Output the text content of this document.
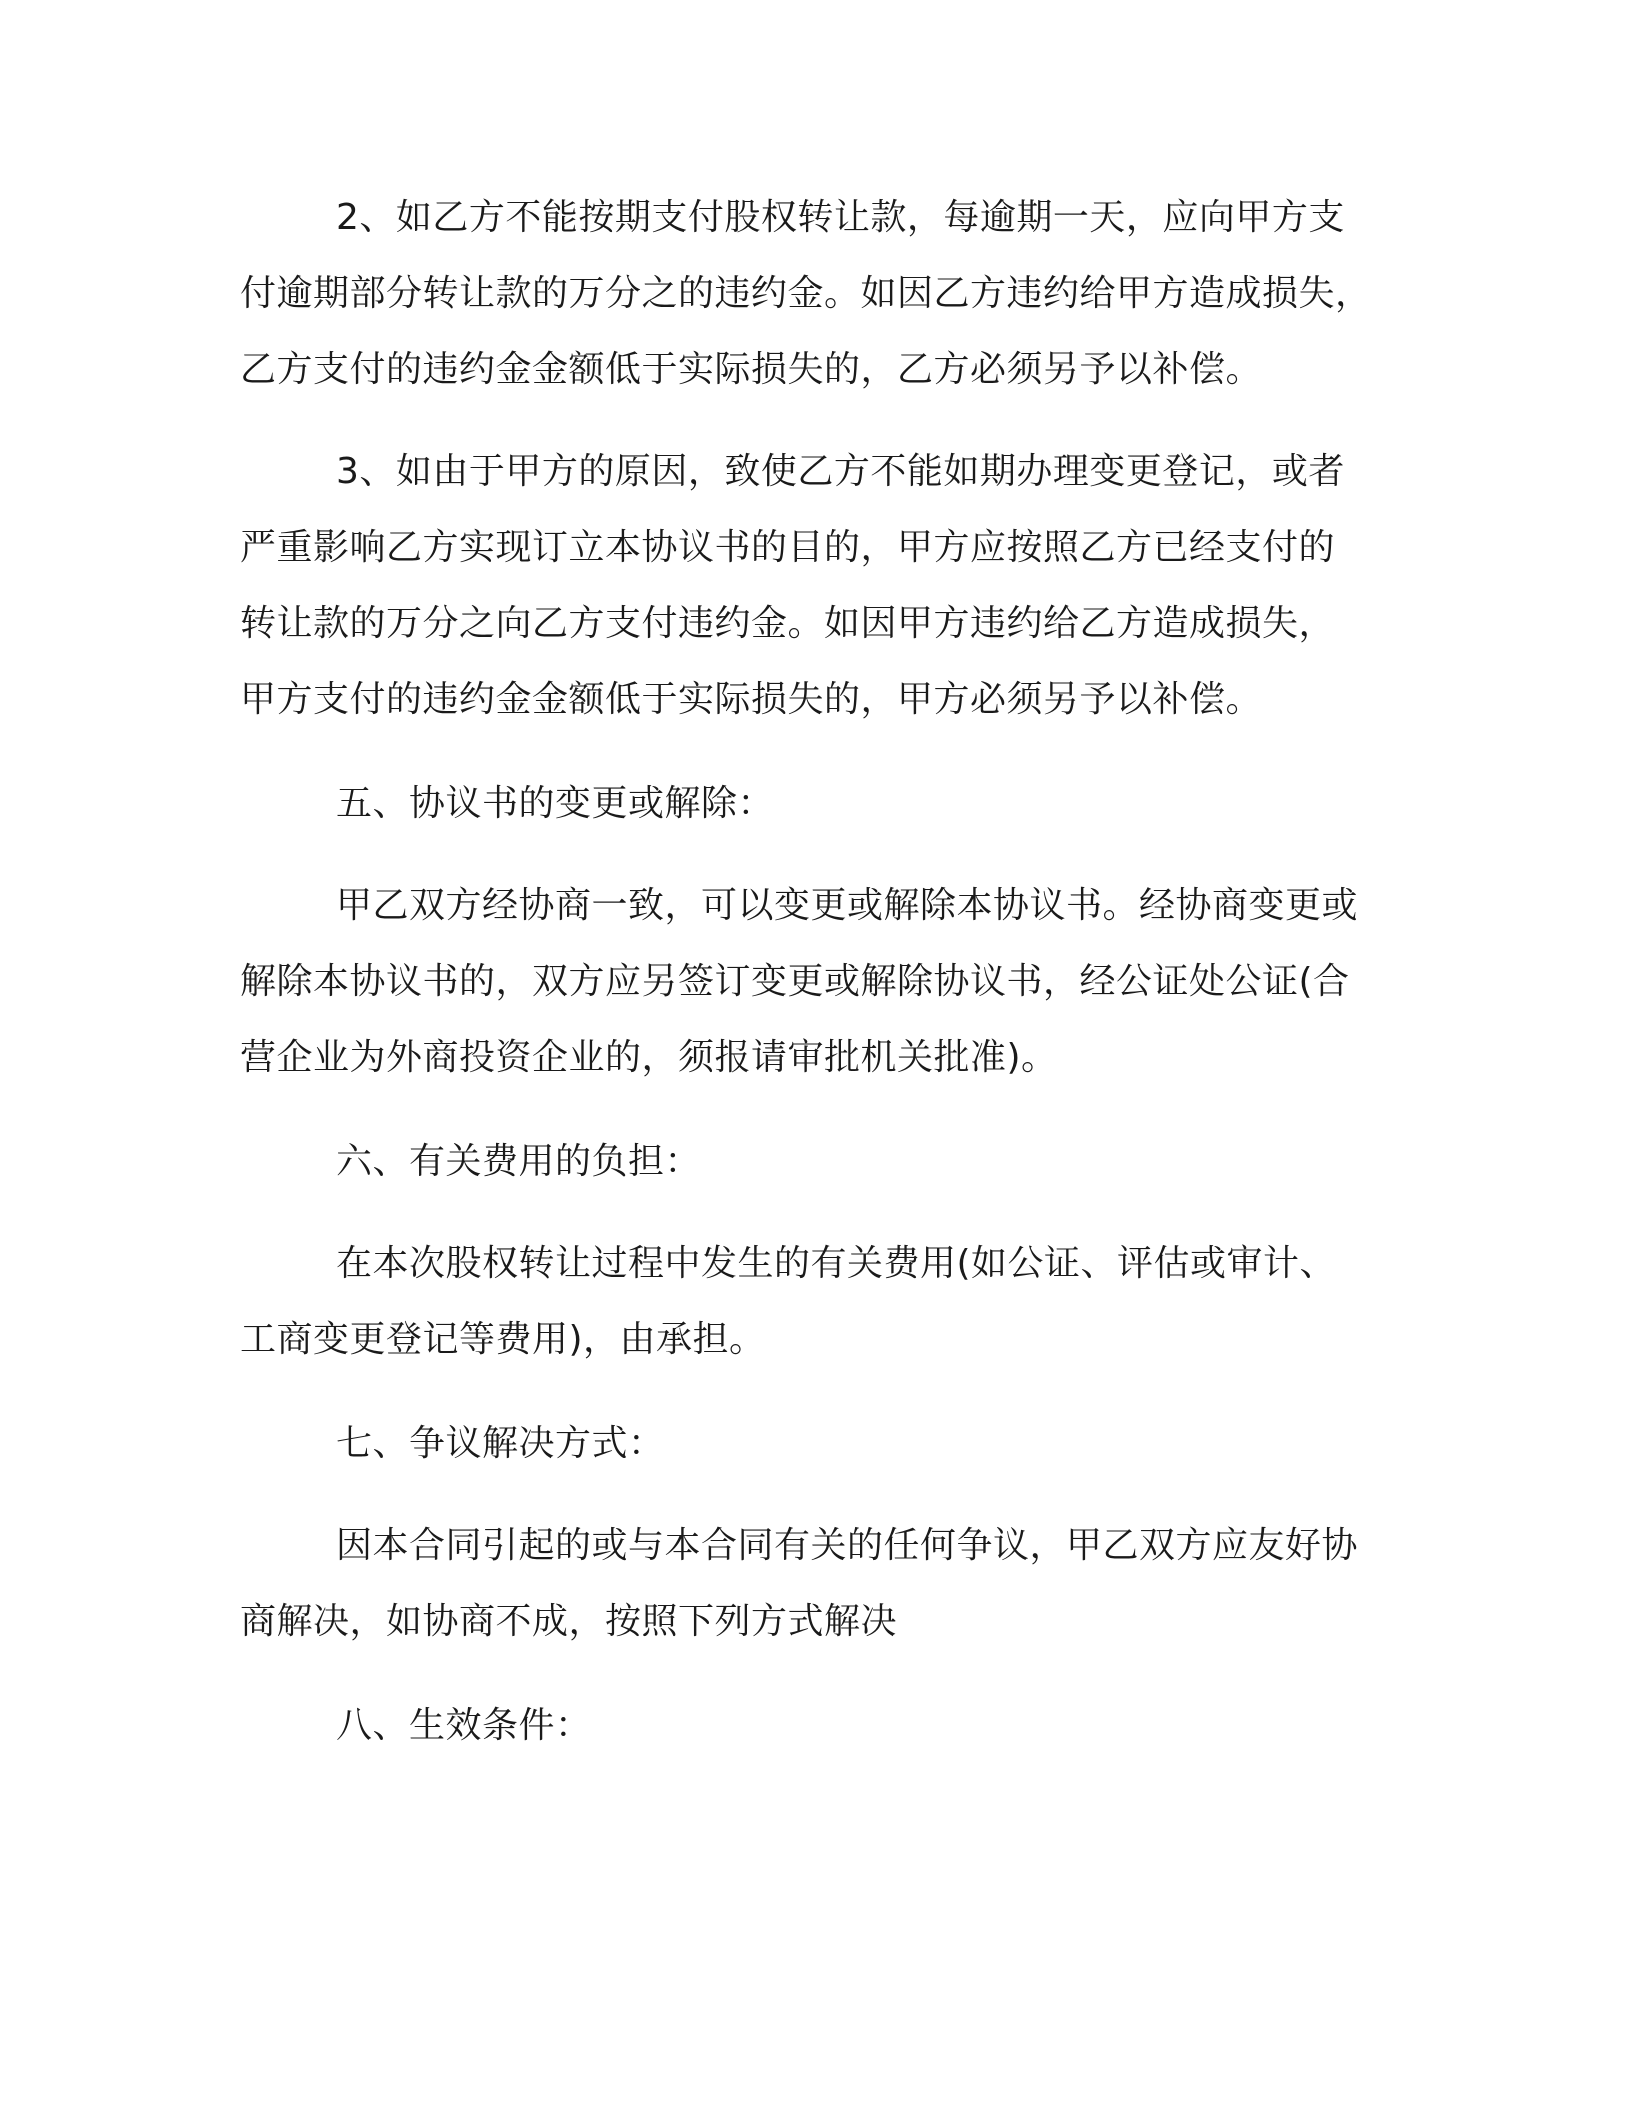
2、如乙方不能按期支付股权转让款，每逾期一天，应向甲方支
付逾期部分转让款的万分之的违约金。如因乙方违约给甲方造成损失，
乙方支付的违约金金额低于实际损失的，乙方必须另予以补偿。
3、如由于甲方的原因，致使乙方不能如期办理变更登记，或者
严重影响乙方实现订立本协议书的目的，甲方应按照乙方已经支付的
转让款的万分之向乙方支付违约金。如因甲方违约给乙方造成损失，
甲方支付的违约金金额低于实际损失的，甲方必须另予以补偿。
五、协议书的变更或解除：
甲乙双方经协商一致，可以变更或解除本协议书。经协商变更或
解除本协议书的，双方应另签订变更或解除协议书，经公证处公证(合
营企业为外商投资企业的，须报请审批机关批准)。
六、有关费用的负担：
在本次股权转让过程中发生的有关费用(如公证、评估或审计、
工商变更登记等费用)，由承担。
七、争议解决方式：
因本合同引起的或与本合同有关的任何争议，甲乙双方应友好协
商解决，如协商不成，按照下列方式解决
八、生效条件：
